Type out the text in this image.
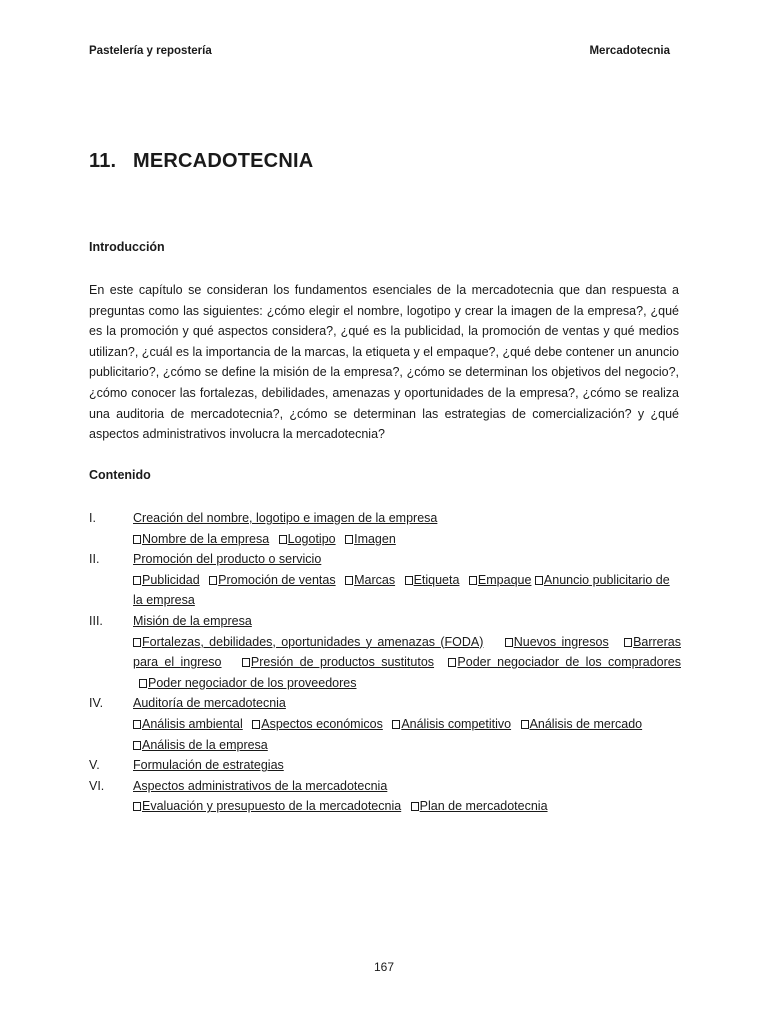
Pastelería y repostería	Mercadotecnia
11. MERCADOTECNIA
Introducción
En este capítulo se consideran los fundamentos esenciales de la mercadotecnia que dan respuesta a preguntas como las siguientes: ¿cómo elegir el nombre, logotipo y crear la imagen de la empresa?, ¿qué es la promoción y qué aspectos considera?, ¿qué es la publicidad, la promoción de ventas y qué medios utilizan?, ¿cuál es la importancia de la marcas, la etiqueta y el empaque?, ¿qué debe contener un anuncio publicitario?, ¿cómo se define la misión de la empresa?, ¿cómo se determinan los objetivos del negocio?, ¿cómo conocer las fortalezas, debilidades, amenazas y oportunidades de la empresa?, ¿cómo se realiza una auditoria de mercadotecnia?, ¿cómo se determinan las estrategias de comercialización? y ¿qué aspectos administrativos involucra la mercadotecnia?
Contenido
I.	Creación del nombre, logotipo e imagen de la empresa
Nombre de la empresa Logotipo Imagen
II.	Promoción del producto o servicio
Publicidad Promoción de ventas Marcas Etiqueta Empaque Anuncio publicitario de la empresa
III.	Misión de la empresa
Fortalezas, debilidades, oportunidades y amenazas (FODA) Nuevos ingresos Barreras para el ingreso Presión de productos sustitutos Poder negociador de los compradores Poder negociador de los proveedores
IV.	Auditoría de mercadotecnia
Análisis ambiental Aspectos económicos Análisis competitivo Análisis de mercado Análisis de la empresa
V.	Formulación de estrategias
VI.	Aspectos administrativos de la mercadotecnia
Evaluación y presupuesto de la mercadotecnia Plan de mercadotecnia
167
